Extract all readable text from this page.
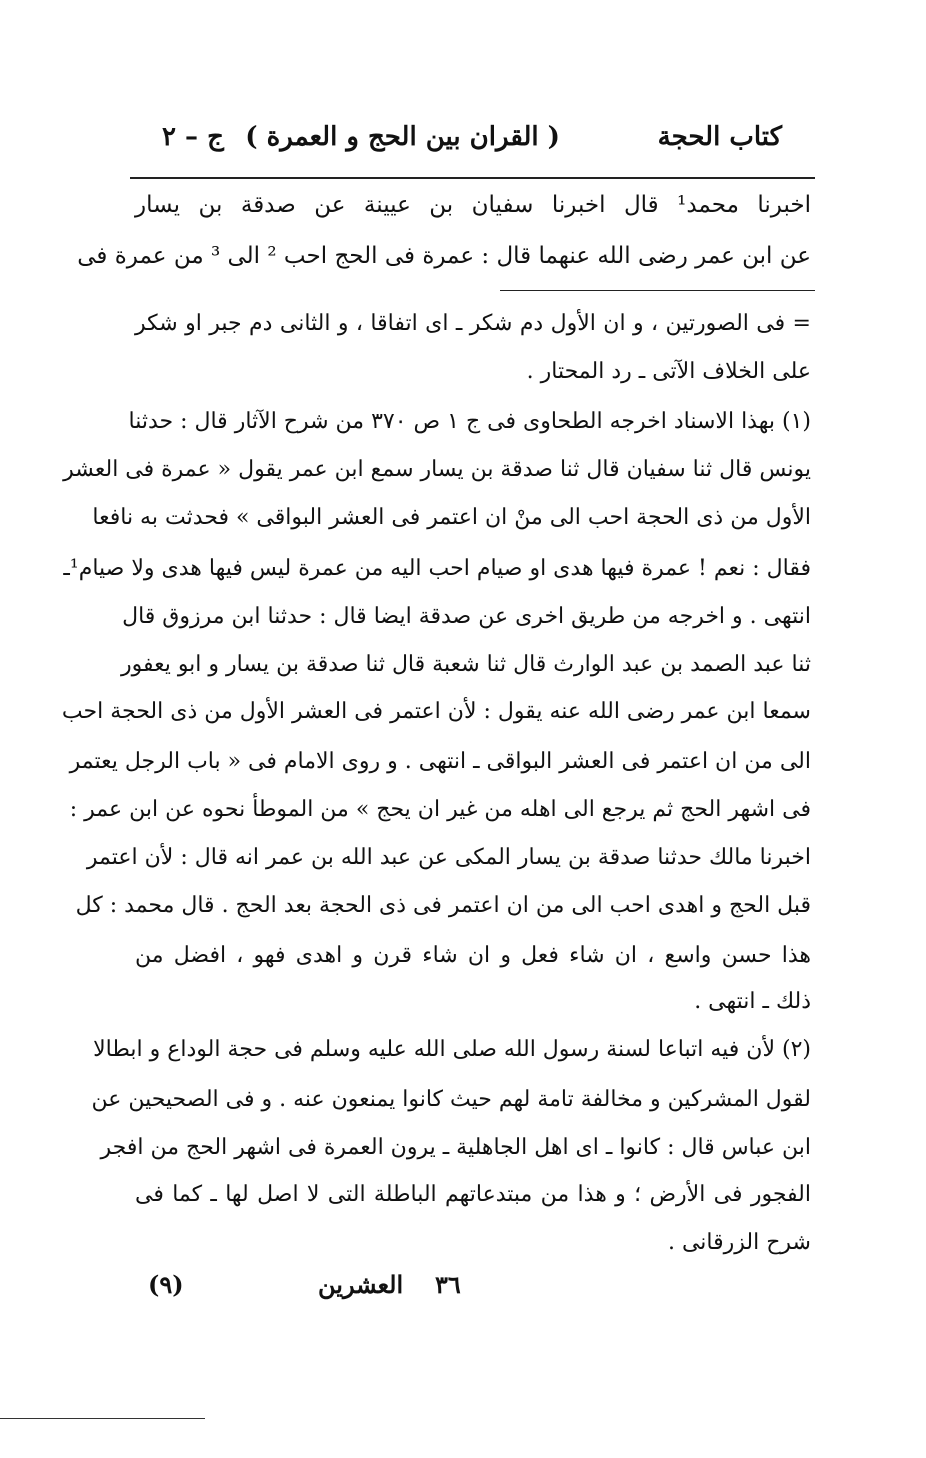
كتاب الحجة
( القران بين الحج و العمرة )
ج – ٢
اخبرنا محمد¹ قال اخبرنا سفيان بن عيينة عن صدقة بن يسار
عن ابن عمر رضى الله عنهما قال : عمرة فى الحج احب ² الى ³ من عمرة فى
= فى الصورتين ، و ان الأول دم شكر ـ اى اتفاقا ، و الثانى دم جبر او شكر
على الخلاف الآتى ـ رد المحتار .
(١) بهذا الاسناد اخرجه الطحاوى فى ج ١ ص ٣٧٠ من شرح الآثار قال : حدثنا
يونس قال ثنا سفيان قال ثنا صدقة بن يسار سمع ابن عمر يقول « عمرة فى العشر
الأول من ذى الحجة احب الى منْ ان اعتمر فى العشر البواقى » فحدثت به نافعا
فقال : نعم ! عمرة فيها هدى او صيام احب اليه من عمرة ليس فيها هدى ولا صيام¹ـ
انتهى . و اخرجه من طريق اخرى عن صدقة ايضا قال : حدثنا ابن مرزوق قال
ثنا عبد الصمد بن عبد الوارث قال ثنا شعبة قال ثنا صدقة بن يسار و ابو يعفور
سمعا ابن عمر رضى الله عنه يقول : لأن اعتمر فى العشر الأول من ذى الحجة احب
الى من ان اعتمر فى العشر البواقى ـ انتهى . و روى الامام فى « باب الرجل يعتمر
فى اشهر الحج ثم يرجع الى اهله من غير ان يحج » من الموطأ نحوه عن ابن عمر :
اخبرنا مالك حدثنا صدقة بن يسار المكى عن عبد الله بن عمر انه قال : لأن اعتمر
قبل الحج و اهدى احب الى من ان اعتمر فى ذى الحجة بعد الحج . قال محمد : كل
هذا حسن واسع ، ان شاء فعل و ان شاء قرن و اهدى فهو ، افضل من
ذلك ـ انتهى .
(٢) لأن فيه اتباعا لسنة رسول الله صلى الله عليه وسلم فى حجة الوداع و ابطالا
لقول المشركين و مخالفة تامة لهم حيث كانوا يمنعون عنه . و فى الصحيحين عن
ابن عباس قال : كانوا ـ اى اهل الجاهلية ـ يرون العمرة فى اشهر الحج من افجر
الفجور فى الأرض ؛ و هذا من مبتدعاتهم الباطلة التى لا اصل لها ـ كما فى
شرح الزرقانى .
(٩)	العشرين ٣٦
